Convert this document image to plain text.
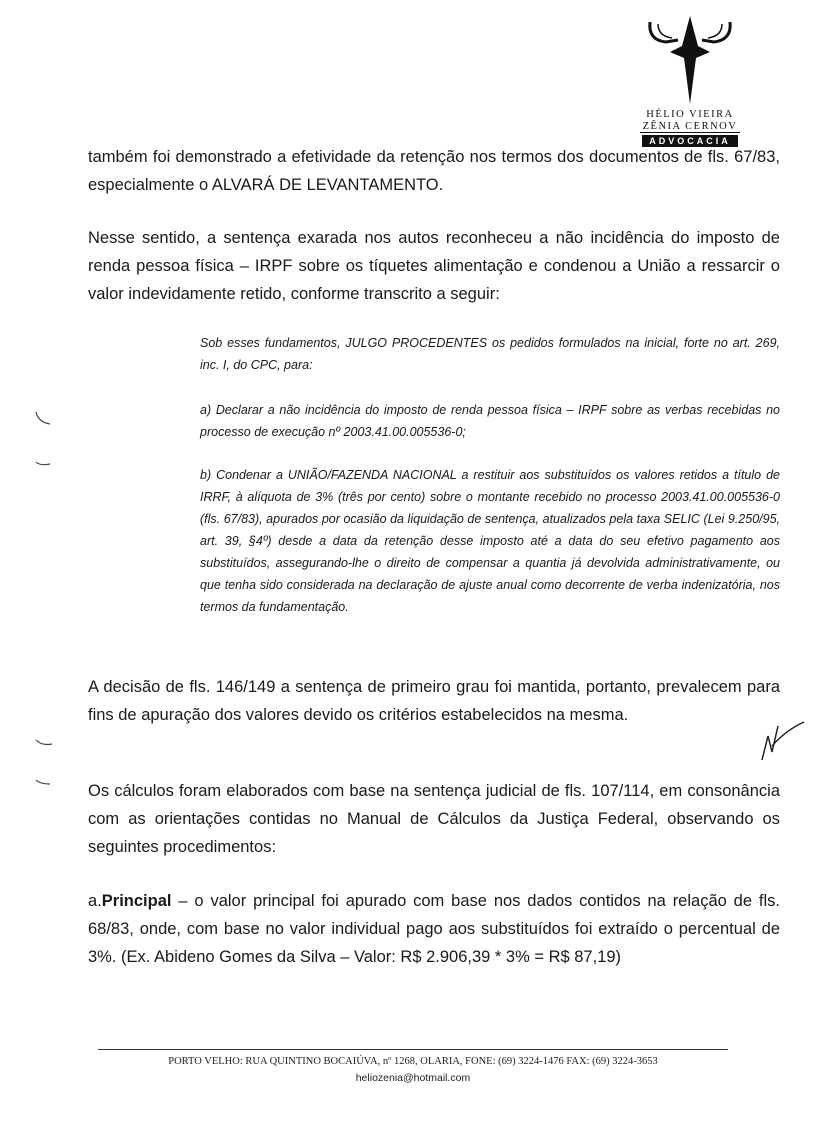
HÉLIO VIEIRA
ZÊNIA CERNOV
ADVOCACIA
também foi demonstrado a efetividade da retenção nos termos dos documentos de fls. 67/83, especialmente o ALVARÁ DE LEVANTAMENTO.
Nesse sentido, a sentença exarada nos autos reconheceu a não incidência do imposto de renda pessoa física – IRPF sobre os tíquetes alimentação e condenou a União a ressarcir o valor indevidamente retido, conforme transcrito a seguir:
Sob esses fundamentos, JULGO PROCEDENTES os pedidos formulados na inicial, forte no art. 269, inc. I, do CPC, para:
a) Declarar a não incidência do imposto de renda pessoa física – IRPF sobre as verbas recebidas no processo de execução nº 2003.41.00.005536-0;
b) Condenar a UNIÃO/FAZENDA NACIONAL a restituir aos substituídos os valores retidos a título de IRRF, à alíquota de 3% (três por cento) sobre o montante recebido no processo 2003.41.00.005536-0 (fls. 67/83), apurados por ocasião da liquidação de sentença, atualizados pela taxa SELIC (Lei 9.250/95, art. 39, §4º) desde a data da retenção desse imposto até a data do seu efetivo pagamento aos substituídos, assegurando-lhe o direito de compensar a quantia já devolvida administrativamente, ou que tenha sido considerada na declaração de ajuste anual como decorrente de verba indenizatória, nos termos da fundamentação.
A decisão de fls. 146/149 a sentença de primeiro grau foi mantida, portanto, prevalecem para fins de apuração dos valores devido os critérios estabelecidos na mesma.
Os cálculos foram elaborados com base na sentença judicial de fls. 107/114, em consonância com as orientações contidas no Manual de Cálculos da Justiça Federal, observando os seguintes procedimentos:
a.Principal – o valor principal foi apurado com base nos dados contidos na relação de fls. 68/83, onde, com base no valor individual pago aos substituídos foi extraído o percentual de 3%. (Ex. Abideno Gomes da Silva – Valor: R$ 2.906,39 * 3% = R$ 87,19)
PORTO VELHO: RUA QUINTINO BOCAIÚVA, nº 1268, OLARIA, FONE: (69) 3224-1476 FAX: (69) 3224-3653
heliozenia@hotmail.com
